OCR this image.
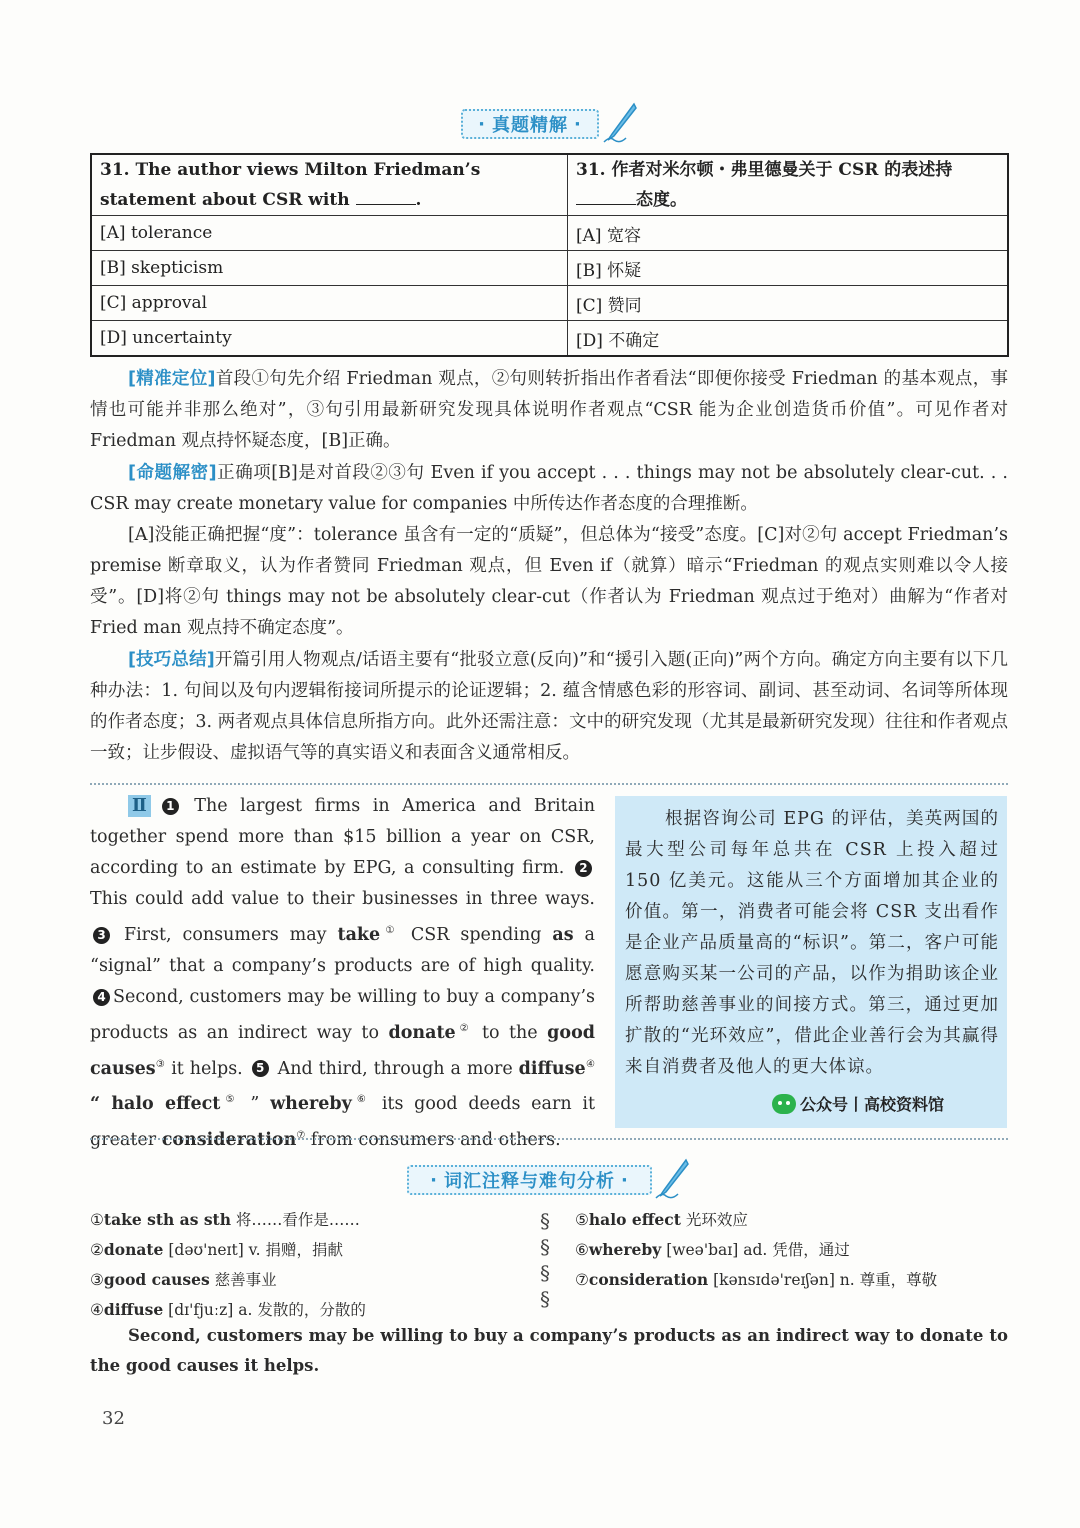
· 真题精解 ·
31. The author views Milton Friedman’s statement about CSR with .	31. 作者对米尔顿・弗里德曼关于 CSR 的表述持态度。
[A] tolerance	[A] 宽容
[B] skepticism	[B] 怀疑
[C] approval	[C] 赞同
[D] uncertainty	[D] 不确定
[精准定位]首段①句先介绍 Friedman 观点，②句则转折指出作者看法“即便你接受 Friedman 的基本观点，事情也可能并非那么绝对”，③句引用最新研究发现具体说明作者观点“CSR 能为企业创造货币价值”。可见作者对 Friedman 观点持怀疑态度，[B]正确。
[命题解密]正确项[B]是对首段②③句 Even if you accept . . . things may not be absolutely clear-cut. . . CSR may create monetary value for companies 中所传达作者态度的合理推断。
[A]没能正确把握“度”：tolerance 虽含有一定的“质疑”，但总体为“接受”态度。[C]对②句 accept Friedman’s premise 断章取义，认为作者赞同 Friedman 观点，但 Even if（就算）暗示“Friedman 的观点实则难以令人接受”。[D]将②句 things may not be absolutely clear-cut（作者认为 Friedman 观点过于绝对）曲解为“作者对 Fried man 观点持不确定态度”。
[技巧总结]开篇引用人物观点/话语主要有“批驳立意(反向)”和“援引入题(正向)”两个方向。确定方向主要有以下几种办法：1. 句间以及句内逻辑衔接词所提示的论证逻辑；2. 蕴含情感色彩的形容词、副词、甚至动词、名词等所体现的作者态度；3. 两者观点具体信息所指方向。此外还需注意：文中的研究发现（尤其是最新研究发现）往往和作者观点一致；让步假设、虚拟语气等的真实语义和表面含义通常相反。
Ⅱ 1 The largest firms in America and Britain together spend more than $15 billion a year on CSR, according to an estimate by EPG, a consulting firm. 2 This could add value to their businesses in three ways. 3 First, consumers may take① CSR spending as a “signal” that a company’s products are of high quality. 4 Second, customers may be willing to buy a company’s products as an indirect way to donate② to the good causes③ it helps. 5 And third, through a more diffuse④ “ halo effect⑤ ” whereby⑥ its good deeds earn it greater consideration⑦ from consumers and others.
根据咨询公司 EPG 的评估，美英两国的最大型公司每年总共在 CSR 上投入超过 150 亿美元。这能从三个方面增加其企业的价值。第一，消费者可能会将 CSR 支出看作是企业产品质量高的“标识”。第二，客户可能愿意购买某一公司的产品，以作为捐助该企业所帮助慈善事业的间接方式。第三，通过更加扩散的“光环效应”，借此企业善行会为其赢得来自消费者及他人的更大体谅。
公众号丨高校资料馆
· 词汇注释与难句分析 ·
①take sth as sth 将……看作是……
②donate [dəʊ'neɪt] v. 捐赠，捐献
③good causes 慈善事业
④diffuse [dɪ'fjuːz] a. 发散的，分散的
§
§
§
§
⑤halo effect 光环效应
⑥whereby [weə'baɪ] ad. 凭借，通过
⑦consideration [kənsɪdə'reɪʃən] n. 尊重，尊敬
Second, customers may be willing to buy a company’s products as an indirect way to donate to the good causes it helps.
32
